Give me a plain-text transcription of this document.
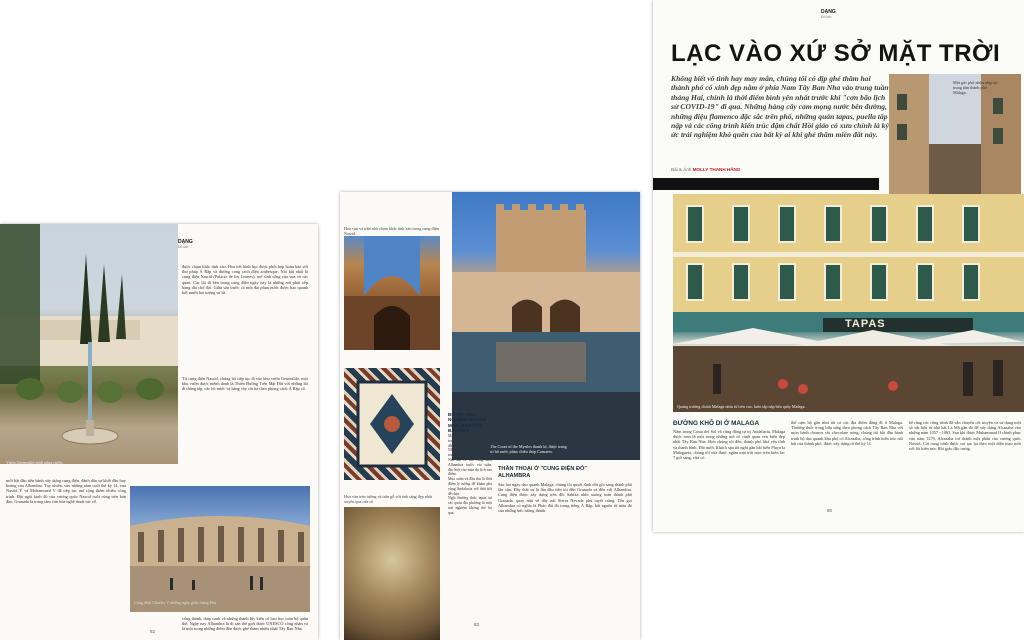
Vườn Generalife dưới nắng chiều.
DẠNG
Đô lịch
được chạm khắc tinh xảo. Hoa tiết hình học được phối hợp hoàn hảo với thư pháp Ả Rập và đường cong cách điệu arabesque. Nổi bật nhất là cung điện Nasrid (Palacio de los Leones), nơi sinh sống của vua và các quan. Các lối đi bên trong cung điện ngày nay là những nơi phải xếp hàng dài chờ đợi. Giữa sân trước có một đài phun nước được bao quanh bởi mười hai tượng sư tử.
Từ cung điện Nasrid, chúng tôi tiếp tục đi vào khu vườn Generalife, một khu vườn được mệnh danh là Thiên Đường Trên Mặt Đất với những lối đi thẳng tắp, các hồ nước và hàng cây cắt tỉa theo phong cách Ả Rập cổ.
mới bắt đầu tiến hành xây dựng cung điện, đánh dấu sự khởi đầu huy hoàng của Alhambra. Tuy nhiên, vào những năm cuối thế kỷ 14, vua Nasrid Ý và Mohammed V đã tiếp tục mở rộng thêm nhiều công trình. Đặt ngôi kinh đô của vương quốc Nasrid cuối cùng trên bán đảo, Granada là trung tâm văn hóa nghệ thuật rực rỡ.
Cung điện Charles V những ngày giữa tháng Hai.
cổng thành, tháp canh và những thành lũy kiên cố bao bọc toàn bộ quần thể. Ngày nay Alhambra là di sản thế giới được UNESCO công nhận và là một trong những điểm đến được ghé thăm nhiều nhất Tây Ban Nha.
82
Hoa văn và trần nhà chạm khắc tinh xảo trong cung điện Nasrid.
Hoa văn trên tường và trần gỗ với ánh sáng đẹp nhất xuyên qua cửa sổ.
The Court of the Myrtles thanh bí, được trang trí hồ nước phản chiếu tháp Comares.
BỎ TÚI KINH NGHIỆM DU LỊCH MIỀN NAM TÂY BAN NHA
Malaga và Granada là một trong những điểm đến hấp dẫn nhất miền Nam Tây Ban Nha, nên tham khảo vé trước.
Nên đặt vé vào cung điện Alhambra trước vài tuần, đặc biệt vào mùa du lịch cao điểm.
Mùa xuân và đầu thu là thời điểm lý tưởng để khám phá vùng Andalucía với thời tiết dễ chịu.
Ngồi thưởng thức tapas tại các quán địa phương là một trải nghiệm không thể bỏ qua.
THẦN THOẠI Ở "CUNG ĐIỆN ĐỎ"
ALHAMBRA
Sau hai ngày dạo quanh Malaga, chúng tôi quyết định dời gót sang thành phố lân cận. Đây thật sự là lần đầu tiên tôi đến Granada và đến với Alhambra. Cung điện được xây dựng trên đồi Sabika nhìn xuống toàn thành phố Granada, quay mặt về dãy núi Sierra Nevada phủ tuyết trắng. Tên gọi Alhambra có nghĩa là Pháo đài đỏ trong tiếng Ả Rập, bắt nguồn từ màu đỏ của những bức tường thành.
83
DẠNG
Đô lịch
LẠC VÀO XỨ SỞ MẶT TRỜI
Không biết vô tình hay may mắn, chúng tôi có dịp ghé thăm hai thành phố cổ xinh đẹp nằm ở phía Nam Tây Ban Nha vào trung tuần tháng Hai, chính là thời điểm bình yên nhất trước khi "cơn bão lịch sử COVID-19" đi qua. Những hàng cây cam mọng nước bên đường, những điệu flamenco đặc sắc trên phố, những quán tapas, puella tấp nập và các công trình kiến trúc đậm chất Hồi giáo có xưa chính là ký ức trải nghiệm khó quên của bất kỳ ai khi ghé thăm miền đất này.
Bài & Ảnh MOLLY THANH HẰNG
Một góc phố nhộn nhịp tại trung tâm thành phố Málaga.
TAPAS
Quảng trường chính Malaga nhìn từ trên cao, luôn tấp nập bên quầy Malaga.
ĐƯỜNG KHÔ DI Ở MALAGA
Nằm trong Costa del Sol và cũng đồng tự trị Andalucía, Malaga được xem là một trong những nơi có cảnh quan ven biển đẹp nhất Tây Ban Nha. Hơn chúng tôi đến, thành phố khá yên tĩnh và thanh bình. Đất nước Khách sạn tôi nghỉ gần bãi biển Playa la Malagueta, chúng tôi vừa được ngắm mặt trời mọc trên biển lúc 7 giờ sáng, vừa có
thể cảm bộ gần như tất cả các địa điểm đáng đi ở Malaga. Thường thức trong bữa sáng theo phong cách Tây Ban Nha với món bánh churros sốt chocolate nóng, chúng tôi bắt đầu hành trình bộ dạo quanh khu phố cổ Alcazaba, công trình kiến trúc nổi bật của thành phố, được xây dựng từ thế kỷ 11.
kể rằng các công trình đã vẫn chuyển cốt truyện và sử dụng một số vật liệu từ nhà hát La Mã gần đó để xây dựng Alcazaba vào những năm 1057 - 1063. Sau khi được Muhammad II chinh phục vào năm 1279, Alcazaba trở thành một phần của vương quốc Nasrid. Cát cung trình được coi tạo lại theo một diện mạo mới với lối kiến trúc Hồi giáo đặc trưng.
80
